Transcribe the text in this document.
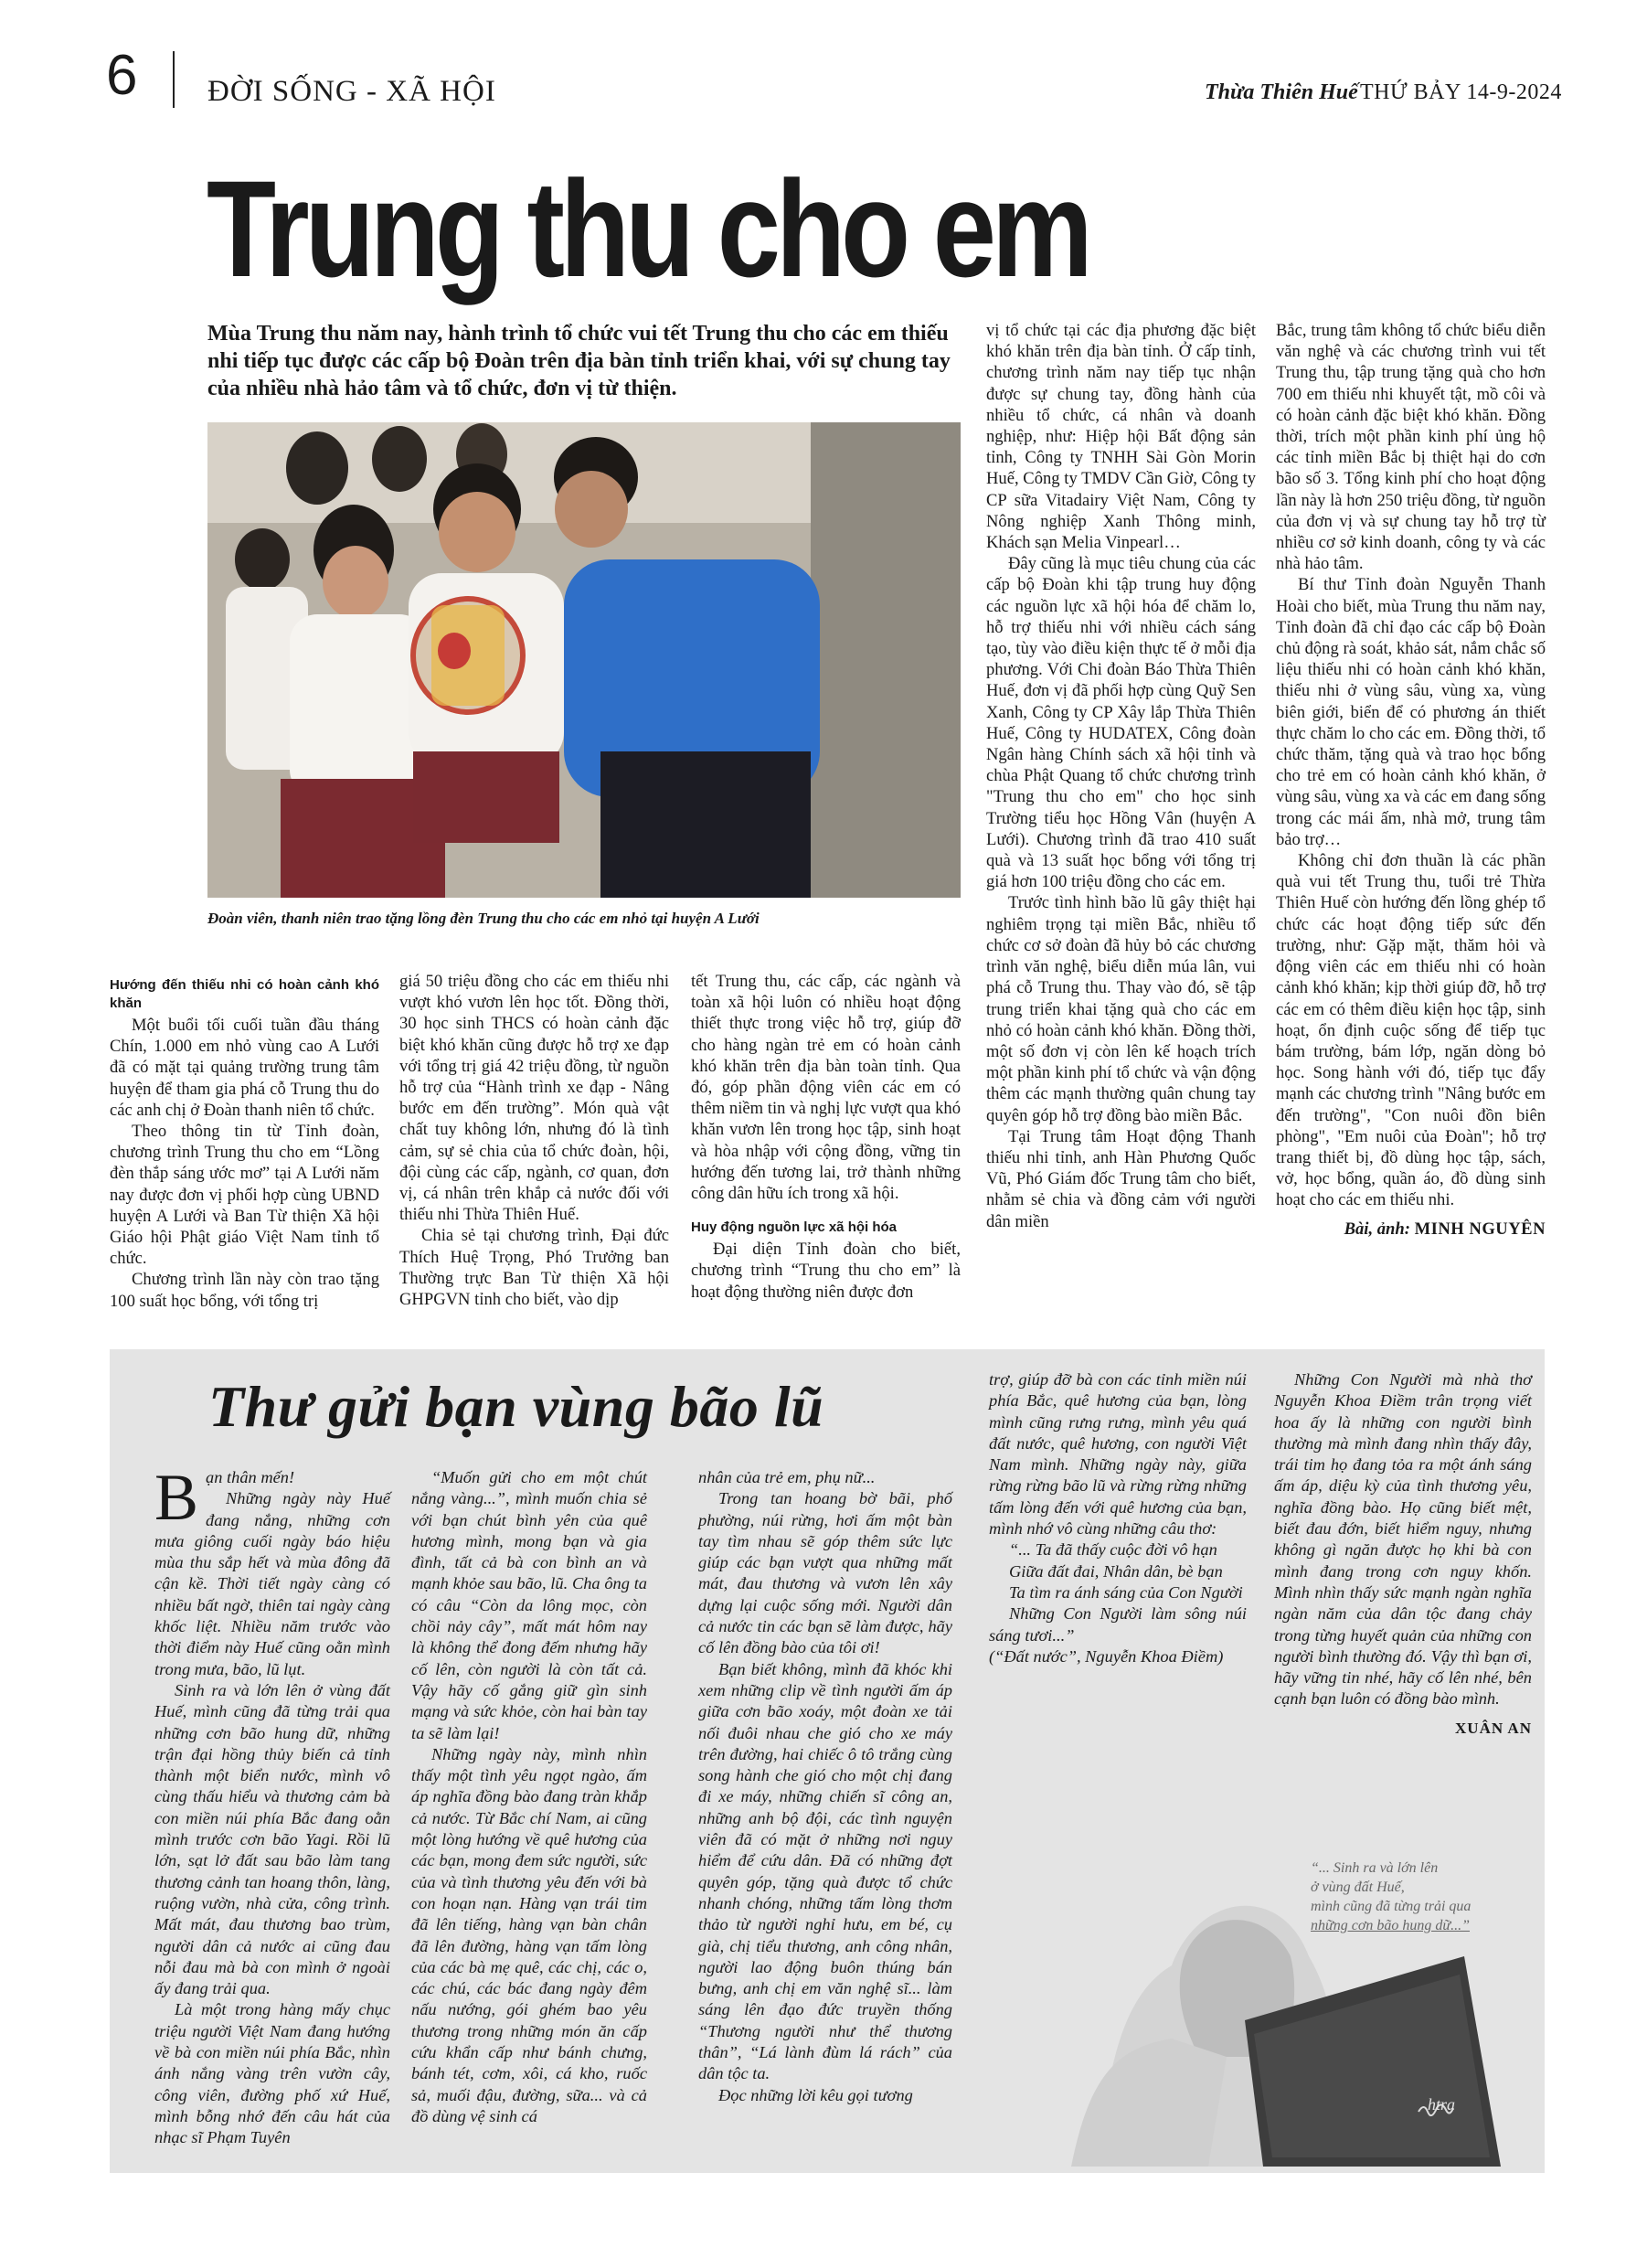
6 ĐỜI SỐNG - XÃ HỘI	Thừa Thiên Huế THỨ BẢY 14-9-2024
Trung thu cho em
Mùa Trung thu năm nay, hành trình tổ chức vui tết Trung thu cho các em thiếu nhi tiếp tục được các cấp bộ Đoàn trên địa bàn tỉnh triển khai, với sự chung tay của nhiều nhà hảo tâm và tổ chức, đơn vị từ thiện.
Đoàn viên, thanh niên trao tặng lồng đèn Trung thu cho các em nhỏ tại huyện A Lưới

Hướng đến thiếu nhi có hoàn cảnh khó khăn

Một buổi tối cuối tuần đầu tháng Chín, 1.000 em nhỏ vùng cao A Lưới đã có mặt tại quảng trường trung tâm huyện để tham gia phá cỗ Trung thu do các anh chị ở Đoàn thanh niên tổ chức.

Theo thông tin từ Tỉnh đoàn, chương trình Trung thu cho em “Lồng đèn thắp sáng ước mơ” tại A Lưới năm nay được đơn vị phối hợp cùng UBND huyện A Lưới và Ban Từ thiện Xã hội Giáo hội Phật giáo Việt Nam tỉnh tổ chức.

Chương trình lần này còn trao tặng 100 suất học bổng, với tổng trị

giá 50 triệu đồng cho các em thiếu nhi vượt khó vươn lên học tốt. Đồng thời, 30 học sinh THCS có hoàn cảnh đặc biệt khó khăn cũng được hỗ trợ xe đạp với tổng trị giá 42 triệu đồng, từ nguồn hỗ trợ của “Hành trình xe đạp - Nâng bước em đến trường”. Món quà vật chất tuy không lớn, nhưng đó là tình cảm, sự sẻ chia của tổ chức đoàn, hội, đội cùng các cấp, ngành, cơ quan, đơn vị, cá nhân trên khắp cả nước đối với thiếu nhi Thừa Thiên Huế.

Chia sẻ tại chương trình, Đại đức Thích Huệ Trọng, Phó Trưởng ban Thường trực Ban Từ thiện Xã hội GHPGVN tỉnh cho biết, vào dịp

tết Trung thu, các cấp, các ngành và toàn xã hội luôn có nhiều hoạt động thiết thực trong việc hỗ trợ, giúp đỡ cho hàng ngàn trẻ em có hoàn cảnh khó khăn trên địa bàn toàn tỉnh. Qua đó, góp phần động viên các em có thêm niềm tin và nghị lực vượt qua khó khăn vươn lên trong học tập, sinh hoạt và hòa nhập với cộng đồng, vững tin hướng đến tương lai, trở thành những công dân hữu ích trong xã hội.

Huy động nguồn lực xã hội hóa

Đại diện Tỉnh đoàn cho biết, chương trình “Trung thu cho em” là hoạt động thường niên được đơn

vị tổ chức tại các địa phương đặc biệt khó khăn trên địa bàn tỉnh. Ở cấp tỉnh, chương trình năm nay tiếp tục nhận được sự chung tay, đồng hành của nhiều tổ chức, cá nhân và doanh nghiệp, như: Hiệp hội Bất động sản tỉnh, Công ty TNHH Sài Gòn Morin Huế, Công ty TMDV Cần Giờ, Công ty CP sữa Vitadairy Việt Nam, Công ty Nông nghiệp Xanh Thông minh, Khách sạn Melia Vinpearl…

Đây cũng là mục tiêu chung của các cấp bộ Đoàn khi tập trung huy động các nguồn lực xã hội hóa để chăm lo, hỗ trợ thiếu nhi với nhiều cách sáng tạo, tùy vào điều kiện thực tế ở mỗi địa phương. Với Chi đoàn Báo Thừa Thiên Huế, đơn vị đã phối hợp cùng Quỹ Sen Xanh, Công ty CP Xây lắp Thừa Thiên Huế, Công ty HUDATEX, Công đoàn Ngân hàng Chính sách xã hội tỉnh và chùa Phật Quang tổ chức chương trình "Trung thu cho em" cho học sinh Trường tiểu học Hồng Vân (huyện A Lưới). Chương trình đã trao 410 suất quà và 13 suất học bổng với tổng trị giá hơn 100 triệu đồng cho các em.

Trước tình hình bão lũ gây thiệt hại nghiêm trọng tại miền Bắc, nhiều tổ chức cơ sở đoàn đã hủy bỏ các chương trình văn nghệ, biểu diễn múa lân, vui phá cỗ Trung thu. Thay vào đó, sẽ tập trung triển khai tặng quà cho các em nhỏ có hoàn cảnh khó khăn. Đồng thời, một số đơn vị còn lên kế hoạch trích một phần kinh phí tổ chức và vận động thêm các mạnh thường quân chung tay quyên góp hỗ trợ đồng bào miền Bắc.

Tại Trung tâm Hoạt động Thanh thiếu nhi tỉnh, anh Hàn Phương Quốc Vũ, Phó Giám đốc Trung tâm cho biết, nhằm sẻ chia và đồng cảm với người dân miền

Bắc, trung tâm không tổ chức biểu diễn văn nghệ và các chương trình vui tết Trung thu, tập trung tặng quà cho hơn 700 em thiếu nhi khuyết tật, mồ côi và có hoàn cảnh đặc biệt khó khăn. Đồng thời, trích một phần kinh phí ủng hộ các tỉnh miền Bắc bị thiệt hại do cơn bão số 3. Tổng kinh phí cho hoạt động lần này là hơn 250 triệu đồng, từ nguồn của đơn vị và sự chung tay hỗ trợ từ nhiều cơ sở kinh doanh, công ty và các nhà hảo tâm.

Bí thư Tỉnh đoàn Nguyễn Thanh Hoài cho biết, mùa Trung thu năm nay, Tỉnh đoàn đã chỉ đạo các cấp bộ Đoàn chủ động rà soát, khảo sát, nắm chắc số liệu thiếu nhi có hoàn cảnh khó khăn, thiếu nhi ở vùng sâu, vùng xa, vùng biên giới, biển để có phương án thiết thực chăm lo cho các em. Đồng thời, tổ chức thăm, tặng quà và trao học bổng cho trẻ em có hoàn cảnh khó khăn, ở vùng sâu, vùng xa và các em đang sống trong các mái ấm, nhà mở, trung tâm bảo trợ…

Không chỉ đơn thuần là các phần quà vui tết Trung thu, tuổi trẻ Thừa Thiên Huế còn hướng đến lồng ghép tổ chức các hoạt động tiếp sức đến trường, như: Gặp mặt, thăm hỏi và động viên các em thiếu nhi có hoàn cảnh khó khăn; kịp thời giúp đỡ, hỗ trợ các em có thêm điều kiện học tập, sinh hoạt, ổn định cuộc sống để tiếp tục bám trường, bám lớp, ngăn dòng bỏ học. Song hành với đó, tiếp tục đẩy mạnh các chương trình "Nâng bước em đến trường", "Con nuôi đồn biên phòng", "Em nuôi của Đoàn"; hỗ trợ trang thiết bị, đồ dùng học tập, sách, vở, học bổng, quần áo, đồ dùng sinh hoạt cho các em thiếu nhi.

Bài, ảnh: MINH NGUYÊN

Thư gửi bạn vùng bão lũ

Bạn thân mến!

Những ngày này Huế đang nắng, những cơn mưa giông cuối ngày báo hiệu mùa thu sắp hết và mùa đông đã cận kề. Thời tiết ngày càng có nhiều bất ngờ, thiên tai ngày càng khốc liệt. Nhiều năm trước vào thời điểm này Huế cũng oằn mình trong mưa, bão, lũ lụt.

Sinh ra và lớn lên ở vùng đất Huế, mình cũng đã từng trải qua những cơn bão hung dữ, những trận đại hồng thủy biến cả tỉnh thành một biển nước, mình vô cùng thấu hiểu và thương cảm bà con miền núi phía Bắc đang oằn mình trước cơn bão Yagi. Rồi lũ lớn, sạt lở đất sau bão làm tang thương cảnh tan hoang thôn, làng, ruộng vườn, nhà cửa, công trình. Mất mát, đau thương bao trùm, người dân cả nước ai cũng đau nỗi đau mà bà con mình ở ngoài ấy đang trải qua.

Là một trong hàng mấy chục triệu người Việt Nam đang hướng về bà con miền núi phía Bắc, nhìn ánh nắng vàng trên vườn cây, công viên, đường phố xứ Huế, mình bỗng nhớ đến câu hát của nhạc sĩ Phạm Tuyên

“Muốn gửi cho em một chút nắng vàng...”, mình muốn chia sẻ với bạn chút bình yên của quê hương mình, mong bạn và gia đình, tất cả bà con bình an và mạnh khỏe sau bão, lũ. Cha ông ta có câu “Còn da lông mọc, còn chồi nảy cây”, mất mát hôm nay là không thể đong đếm nhưng hãy cố lên, còn người là còn tất cả. Vậy hãy cố gắng giữ gìn sinh mạng và sức khỏe, còn hai bàn tay ta sẽ làm lại!

Những ngày này, mình nhìn thấy một tình yêu ngọt ngào, ấm áp nghĩa đồng bào đang tràn khắp cả nước. Từ Bắc chí Nam, ai cũng một lòng hướng về quê hương của các bạn, mong đem sức người, sức của và tình thương yêu đến với bà con hoạn nạn. Hàng vạn trái tim đã lên tiếng, hàng vạn bàn chân đã lên đường, hàng vạn tấm lòng của các bà mẹ quê, các chị, các o, các chú, các bác đang ngày đêm nấu nướng, gói ghém bao yêu thương trong những món ăn cấp cứu khẩn cấp như bánh chưng, bánh tét, cơm, xôi, cá kho, ruốc sả, muối đậu, đường, sữa... và cả đồ dùng vệ sinh cá

nhân của trẻ em, phụ nữ...

Trong tan hoang bờ bãi, phố phường, núi rừng, hơi ấm một bàn tay tìm nhau sẽ góp thêm sức lực giúp các bạn vượt qua những mất mát, đau thương và vươn lên xây dựng lại cuộc sống mới. Người dân cả nước tin các bạn sẽ làm được, hãy cố lên đồng bào của tôi ơi!

Bạn biết không, mình đã khóc khi xem những clip về tình người ấm áp giữa cơn bão xoáy, một đoàn xe tải nối đuôi nhau che gió cho xe máy trên đường, hai chiếc ô tô trắng cùng song hành che gió cho một chị đang đi xe máy, những chiến sĩ công an, những anh bộ đội, các tình nguyện viên đã có mặt ở những nơi nguy hiểm để cứu dân. Đã có những đợt quyên góp, tặng quà được tổ chức nhanh chóng, những tấm lòng thơm thảo từ người nghỉ hưu, em bé, cụ già, chị tiểu thương, anh công nhân, người lao động buôn thúng bán bưng, anh chị em văn nghệ sĩ... làm sáng lên đạo đức truyền thống “Thương người như thể thương thân”, “Lá lành đùm lá rách” của dân tộc ta.

Đọc những lời kêu gọi tương

trợ, giúp đỡ bà con các tỉnh miền núi phía Bắc, quê hương của bạn, lòng mình cũng rưng rưng, mình yêu quá đất nước, quê hương, con người Việt Nam mình. Những ngày này, giữa rừng rừng bão lũ và rừng rừng những tấm lòng đến với quê hương của bạn, mình nhớ vô cùng những câu thơ:

“... Ta đã thấy cuộc đời vô hạn

Giữa đất đai, Nhân dân, bè bạn

Ta tìm ra ánh sáng của Con Người

Những Con Người làm sông núi sáng tươi...”

(“Đất nước”, Nguyễn Khoa Điềm)

Những Con Người mà nhà thơ Nguyễn Khoa Điềm trân trọng viết hoa ấy là những con người bình thường mà mình đang nhìn thấy đây, trái tim họ đang tỏa ra một ánh sáng ấm áp, diệu kỳ của tình thương yêu, nghĩa đồng bào. Họ cũng biết mệt, biết đau đớn, biết hiểm nguy, nhưng không gì ngăn được họ khi bà con mình đang trong cơn nguy khốn. Mình nhìn thấy sức mạnh ngàn nghĩa ngàn năm của dân tộc đang chảy trong từng huyết quản của những con người bình thường đó. Vậy thì bạn ơi, hãy vững tin nhé, hãy cố lên nhé, bên cạnh bạn luôn có đồng bào mình.

XUÂN AN
“... Sinh ra và lớn lên
ở vùng đất Huế,
mình cũng đã từng trải qua
những cơn bão hung dữ...”
htra
